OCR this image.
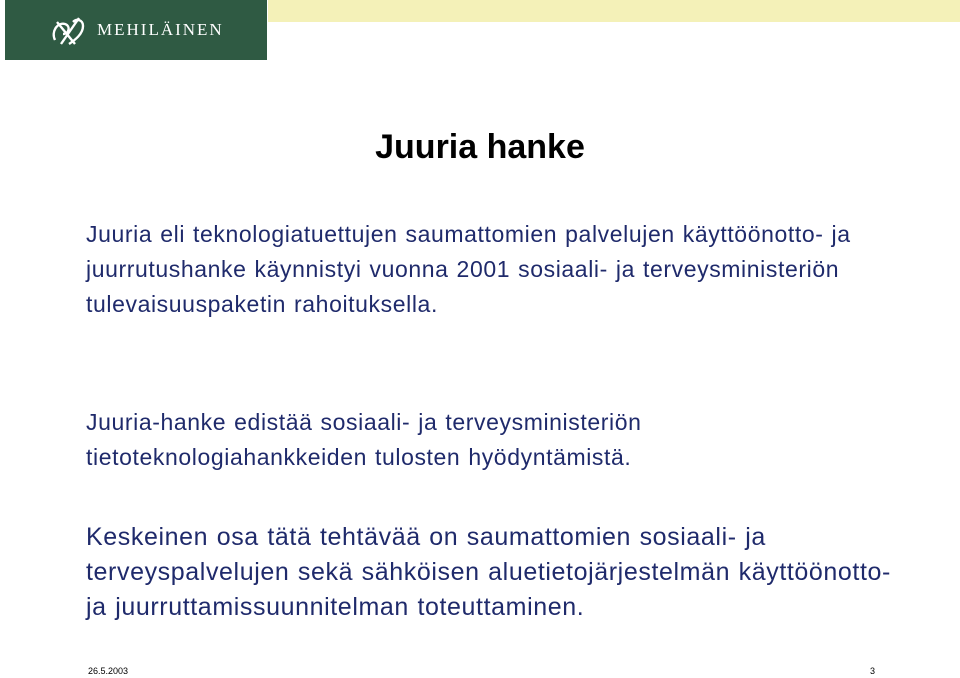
MEHILÄINEN
Juuria hanke

Juuria eli teknologiatuettujen saumattomien palvelujen käyttöönotto- ja juurrutushanke käynnistyi vuonna 2001 sosiaali- ja terveysministeriön tulevaisuuspaketin rahoituksella.

Juuria-hanke edistää sosiaali- ja terveysministeriön tietoteknologiahankkeiden tulosten hyödyntämistä.

Keskeinen osa tätä tehtävää on saumattomien sosiaali- ja terveyspalvelujen sekä sähköisen aluetietojärjestelmän käyttöönotto- ja juurruttamissuunnitelman toteuttaminen.

26.5.2003	3
